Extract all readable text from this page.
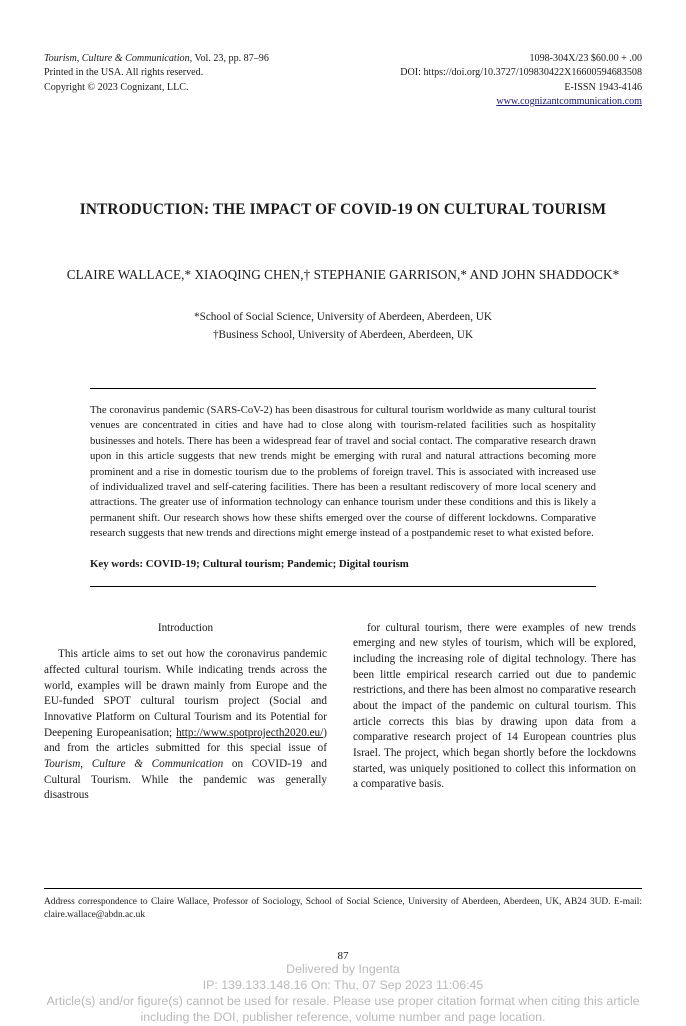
Tourism, Culture & Communication, Vol. 23, pp. 87–96
Printed in the USA. All rights reserved.
Copyright © 2023 Cognizant, LLC.
1098-304X/23 $60.00 + .00
DOI: https://doi.org/10.3727/109830422X16600594683508
E-ISSN 1943-4146
www.cognizantcommunication.com
INTRODUCTION: THE IMPACT OF COVID-19 ON CULTURAL TOURISM
CLAIRE WALLACE,* XIAOQING CHEN,† STEPHANIE GARRISON,* AND JOHN SHADDOCK*
*School of Social Science, University of Aberdeen, Aberdeen, UK
†Business School, University of Aberdeen, Aberdeen, UK
The coronavirus pandemic (SARS-CoV-2) has been disastrous for cultural tourism worldwide as many cultural tourist venues are concentrated in cities and have had to close along with tourism-related facilities such as hospitality businesses and hotels. There has been a widespread fear of travel and social contact. The comparative research drawn upon in this article suggests that new trends might be emerging with rural and natural attractions becoming more prominent and a rise in domestic tourism due to the problems of foreign travel. This is associated with increased use of individualized travel and self-catering facilities. There has been a resultant rediscovery of more local scenery and attractions. The greater use of information technology can enhance tourism under these conditions and this is likely a permanent shift. Our research shows how these shifts emerged over the course of different lockdowns. Comparative research suggests that new trends and directions might emerge instead of a postpandemic reset to what existed before.
Key words: COVID-19; Cultural tourism; Pandemic; Digital tourism
Introduction

This article aims to set out how the coronavirus pandemic affected cultural tourism. While indicating trends across the world, examples will be drawn mainly from Europe and the EU-funded SPOT cultural tourism project (Social and Innovative Platform on Cultural Tourism and its Potential for Deepening Europeanisation; http://www.spotprojecth2020.eu/) and from the articles submitted for this special issue of Tourism, Culture & Communication on COVID-19 and Cultural Tourism. While the pandemic was generally disastrous

for cultural tourism, there were examples of new trends emerging and new styles of tourism, which will be explored, including the increasing role of digital technology. There has been little empirical research carried out due to pandemic restrictions, and there has been almost no comparative research about the impact of the pandemic on cultural tourism. This article corrects this bias by drawing upon data from a comparative research project of 14 European countries plus Israel. The project, which began shortly before the lockdowns started, was uniquely positioned to collect this information on a comparative basis.

Address correspondence to Claire Wallace, Professor of Sociology, School of Social Science, University of Aberdeen, Aberdeen, UK, AB24 3UD. E-mail: claire.wallace@abdn.ac.uk
87
Delivered by Ingenta
IP: 139.133.148.16 On: Thu, 07 Sep 2023 11:06:45
Article(s) and/or figure(s) cannot be used for resale. Please use proper citation format when citing this article
including the DOI, publisher reference, volume number and page location.
